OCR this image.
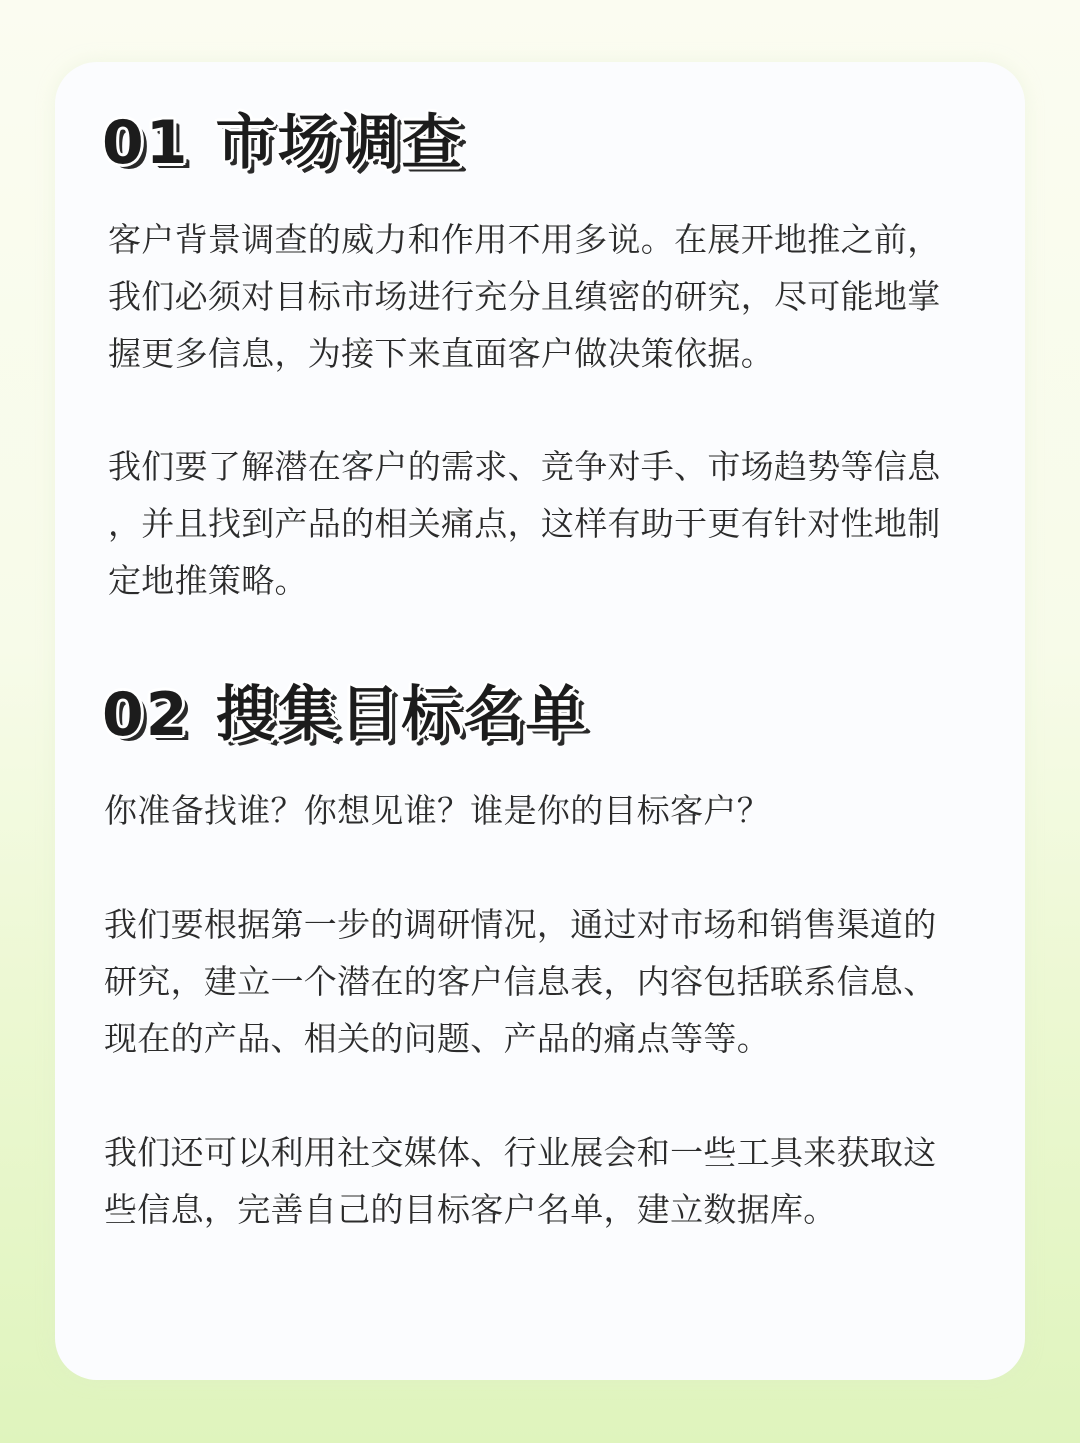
01 市场调查

客户背景调查的威力和作用不用多说。在展开地推之前，
我们必须对目标市场进行充分且缜密的研究，尽可能地掌
握更多信息，为接下来直面客户做决策依据。

我们要了解潜在客户的需求、竞争对手、市场趋势等信息
，并且找到产品的相关痛点，这样有助于更有针对性地制
定地推策略。

02 搜集目标名单

你准备找谁？你想见谁？谁是你的目标客户？

我们要根据第一步的调研情况，通过对市场和销售渠道的
研究，建立一个潜在的客户信息表，内容包括联系信息、
现在的产品、相关的问题、产品的痛点等等。

我们还可以利用社交媒体、行业展会和一些工具来获取这
些信息，完善自己的目标客户名单，建立数据库。
